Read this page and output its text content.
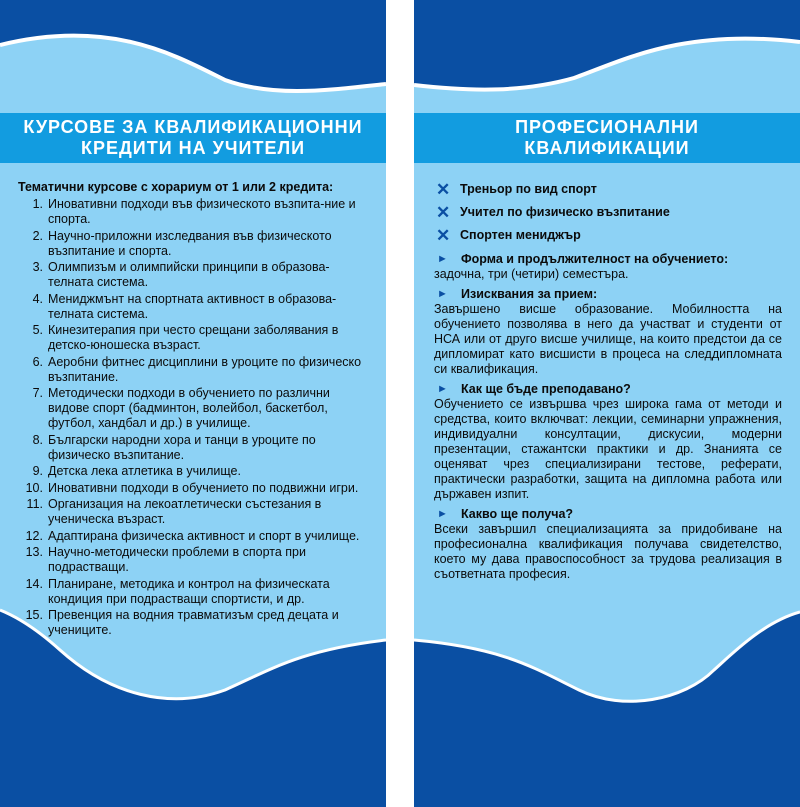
КУРСОВЕ ЗА КВАЛИФИКАЦИОННИ
КРЕДИТИ НА УЧИТЕЛИ
Тематични курсове с хорариум от 1 или 2 кредита:
1. Иновативни подходи във физическото възпита-ние и спорта.
2. Научно-приложни изследвания във физическото възпитание и спорта.
3. Олимпизъм и олимпийски принципи в образова-телната система.
4. Мениджмънт на спортната активност в образова-телната система.
5. Кинезитерапия при често срещани заболявания в детско-юношеска възраст.
6. Аеробни фитнес дисциплини в уроците по физическо възпитание.
7. Методически подходи в обучението по различни видове спорт (бадминтон, волейбол, баскетбол, футбол, хандбал и др.) в училище.
8. Български народни хора и танци в уроците по физическо възпитание.
9. Детска лека атлетика в училище.
10. Иновативни подходи в обучението по подвижни игри.
11. Организация на лекоатлетически състезания в ученическа възраст.
12. Адаптирана физическа активност и спорт в училище.
13. Научно-методически проблеми в спорта при подрастващи.
14. Планиране, методика и контрол на физическата кондиция при подрастващи спортисти, и др.
15. Превенция на водния травматизъм сред децата и учениците.
ПРОФЕСИОНАЛНИ
КВАЛИФИКАЦИИ
✕ Треньор по вид спорт
✕ Учител по физическо възпитание
✕ Спортен мениджър
►	Форма и продължителност на обучението:
задочна, три (четири) семестъра.
►	Изисквания за прием:
Завършено висше образование. Мобилността на обучението позволява в него да участват и студенти от НСА или от друго висше училище, на които предстои да се дипломират като висшисти в процеса на следдипломната си квалификация.
►	Как ще бъде преподавано?
Обучението се извършва чрез широка гама от методи и средства, които включват: лекции, семинарни упражнения, индивидуални консултации, дискусии, модерни презентации, стажантски практики и др. Знанията се оценяват чрез специализирани тестове, реферати, практически разработки, защита на дипломна работа или държавен изпит.
►	Какво ще получа?
Всеки завършил специализацията за придобиване на професионална квалификация получава свидетелство, което му дава правоспособност за трудова реализация в съответната професия.
